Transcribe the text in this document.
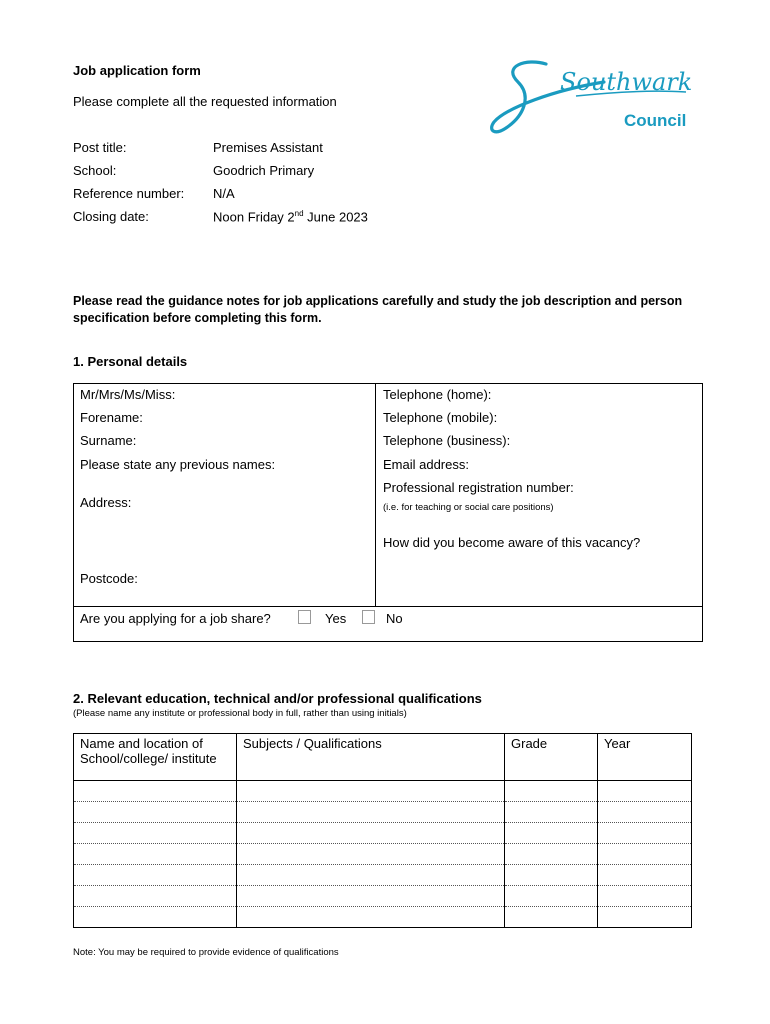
Job application form
Please complete all the requested information
Southwark
Council
Post title:	Premises Assistant
School:	Goodrich Primary
Reference number: N/A
Closing date:	Noon Friday 2nd June 2023
Please read the guidance notes for job applications carefully and study the job description and person specification before completing this form.
1. Personal details
Mr/Mrs/Ms/Miss:
Forename:
Surname:
Please state any previous names:
Address:
Postcode:
Telephone (home):
Telephone (mobile):
Telephone (business):
Email address:
Professional registration number:
(i.e. for teaching or social care positions)
How did you become aware of this vacancy?
Are you applying for a job share?	Yes	No
2. Relevant education, technical and/or professional qualifications
(Please name any institute or professional body in full, rather than using initials)
Name and location of School/college/ institute	Subjects / Qualifications	Grade	Year

Note: You may be required to provide evidence of qualifications
